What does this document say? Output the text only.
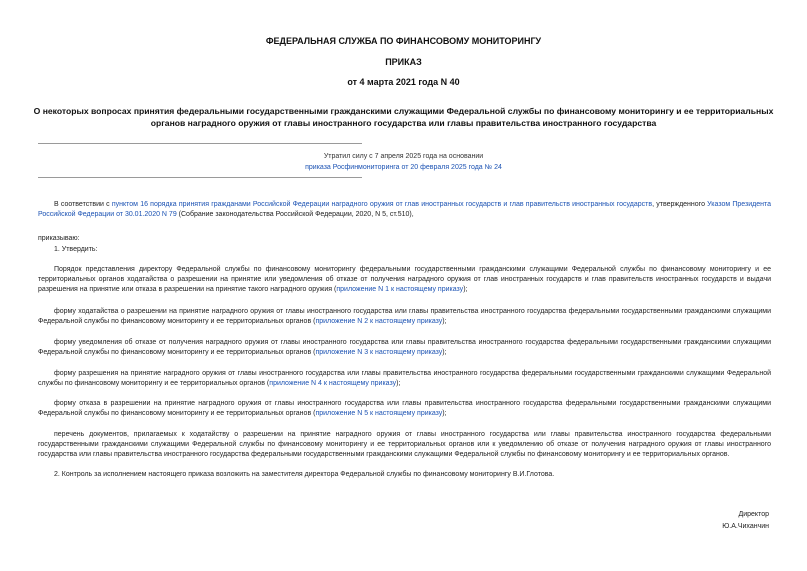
ФЕДЕРАЛЬНАЯ СЛУЖБА ПО ФИНАНСОВОМУ МОНИТОРИНГУ
ПРИКАЗ
от 4 марта 2021 года N 40
О некоторых вопросах принятия федеральными государственными гражданскими служащими Федеральной службы по финансовому мониторингу и ее территориальных органов наградного оружия от главы иностранного государства или главы правительства иностранного государства
Утратил силу с 7 апреля 2025 года на основании
приказа Росфинмониторинга от 20 февраля 2025 года № 24
В соответствии с пунктом 16 порядка принятия гражданами Российской Федерации наградного оружия от глав иностранных государств и глав правительств иностранных государств, утвержденного Указом Президента Российской Федерации от 30.01.2020 N 79 (Собрание законодательства Российской Федерации, 2020, N 5, ст.510),
приказываю:
1. Утвердить:
Порядок представления директору Федеральной службы по финансовому мониторингу федеральными государственными гражданскими служащими Федеральной службы по финансовому мониторингу и ее территориальных органов ходатайства о разрешении на принятие или уведомления об отказе от получения наградного оружия от глав иностранных государств и глав правительств иностранных государств и выдачи разрешения на принятие или отказа в разрешении на принятие такого наградного оружия (приложение N 1 к настоящему приказу);
форму ходатайства о разрешении на принятие наградного оружия от главы иностранного государства или главы правительства иностранного государства федеральными государственными гражданскими служащими Федеральной службы по финансовому мониторингу и ее территориальных органов (приложение N 2 к настоящему приказу);
форму уведомления об отказе от получения наградного оружия от главы иностранного государства или главы правительства иностранного государства федеральными государственными гражданскими служащими Федеральной службы по финансовому мониторингу и ее территориальных органов (приложение N 3 к настоящему приказу);
форму разрешения на принятие наградного оружия от главы иностранного государства или главы правительства иностранного государства федеральными государственными гражданскими служащими Федеральной службы по финансовому мониторингу и ее территориальных органов (приложение N 4 к настоящему приказу);
форму отказа в разрешении на принятие наградного оружия от главы иностранного государства или главы правительства иностранного государства федеральными государственными гражданскими служащими Федеральной службы по финансовому мониторингу и ее территориальных органов (приложение N 5 к настоящему приказу);
перечень документов, прилагаемых к ходатайству о разрешении на принятие наградного оружия от главы иностранного государства или главы правительства иностранного государства федеральными государственными гражданскими служащими Федеральной службы по финансовому мониторингу и ее территориальных органов или к уведомлению об отказе от получения наградного оружия от главы иностранного государства или главы правительства иностранного государства федеральными государственными гражданскими служащими Федеральной службы по финансовому мониторингу и ее территориальных органов.
2. Контроль за исполнением настоящего приказа возложить на заместителя директора Федеральной службы по финансовому мониторингу В.И.Глотова.
Директор
Ю.А.Чиханчин
